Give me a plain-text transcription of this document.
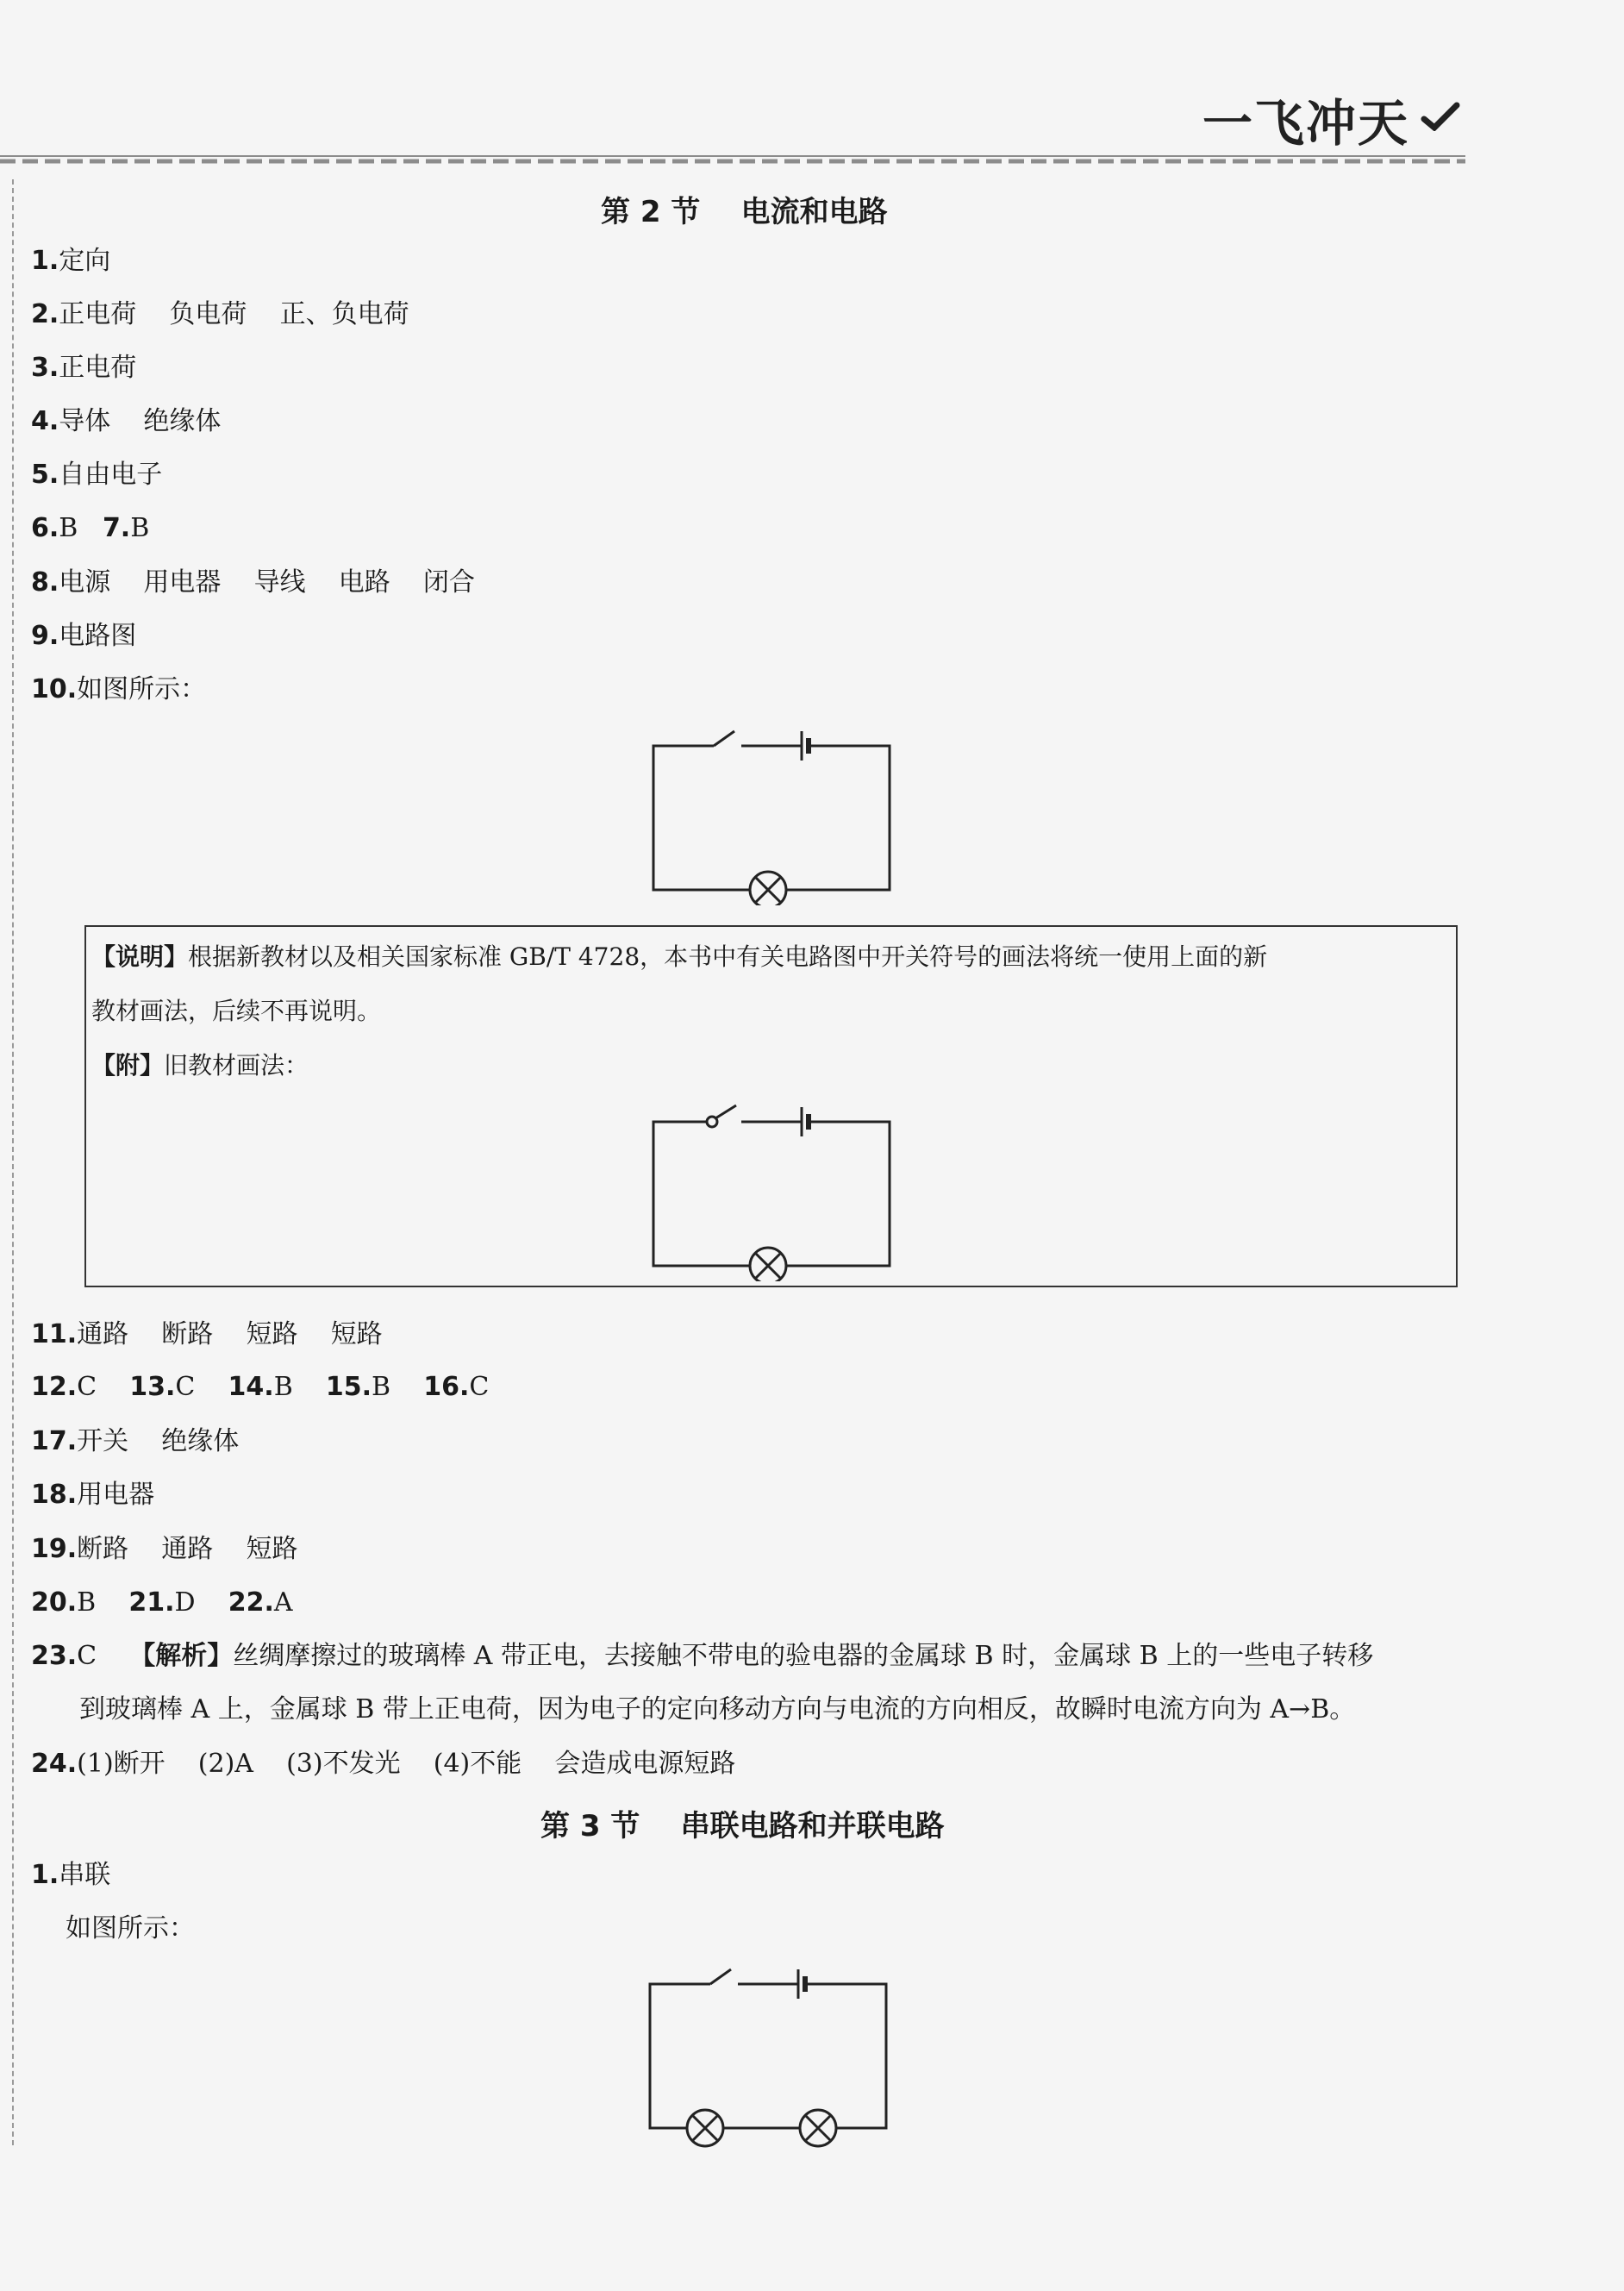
一飞冲天
第 2 节    电流和电路
1.定向
2.正电荷    负电荷    正、负电荷
3.正电荷
4.导体    绝缘体
5.自由电子
6.B   7.B
8.电源    用电器    导线    电路    闭合
9.电路图
10.如图所示：
【说明】根据新教材以及相关国家标准 GB/T 4728，本书中有关电路图中开关符号的画法将统一使用上面的新
教材画法，后续不再说明。
【附】旧教材画法：
11.通路    断路    短路    短路
12.C    13.C    14.B    15.B    16.C
17.开关    绝缘体
18.用电器
19.断路    通路    短路
20.B    21.D    22.A
23.C    【解析】丝绸摩擦过的玻璃棒 A 带正电，去接触不带电的验电器的金属球 B 时，金属球 B 上的一些电子转移
到玻璃棒 A 上，金属球 B 带上正电荷，因为电子的定向移动方向与电流的方向相反，故瞬时电流方向为 A→B。
24.(1)断开    (2)A    (3)不发光    (4)不能    会造成电源短路
第 3 节    串联电路和并联电路
1.串联
如图所示：
